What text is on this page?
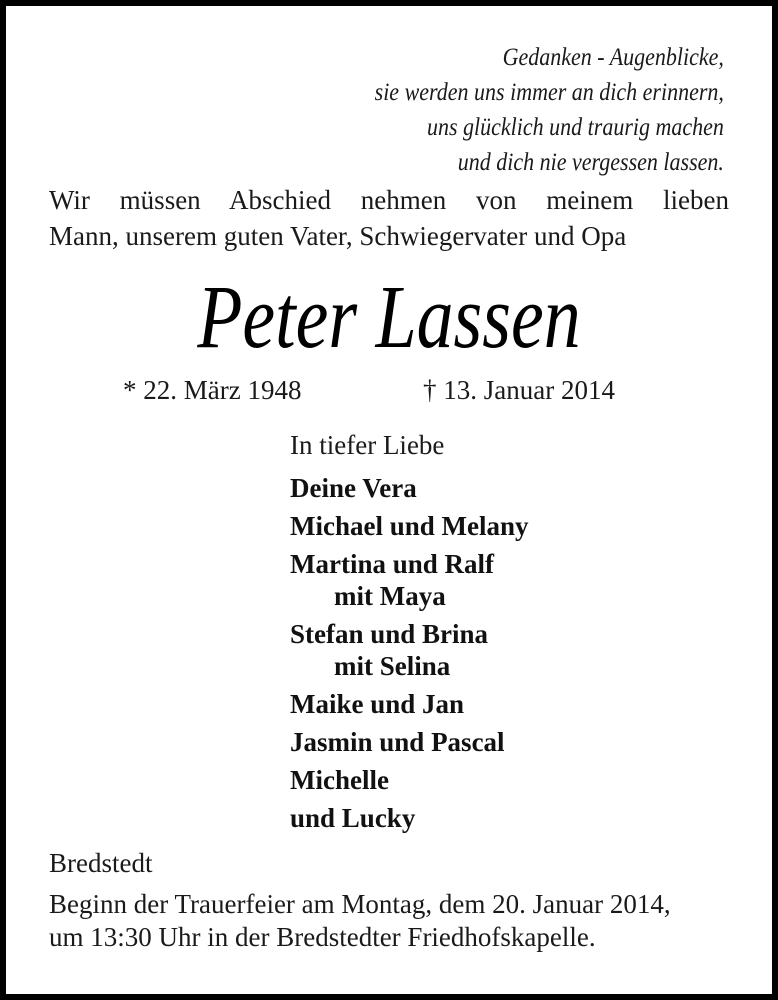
Gedanken - Augenblicke,
sie werden uns immer an dich erinnern,
uns glücklich und traurig machen
und dich nie vergessen lassen.
Wir müssen Abschied nehmen von meinem lieben
Mann, unserem guten Vater, Schwiegervater und Opa
Peter Lassen
* 22. März 1948	† 13. Januar 2014
In tiefer Liebe
Deine Vera
Michael und Melany
Martina und Ralf
mit Maya
Stefan und Brina
mit Selina
Maike und Jan
Jasmin und Pascal
Michelle
und Lucky
Bredstedt
Beginn der Trauerfeier am Montag, dem 20. Januar 2014,
um 13:30 Uhr in der Bredstedter Friedhofskapelle.
